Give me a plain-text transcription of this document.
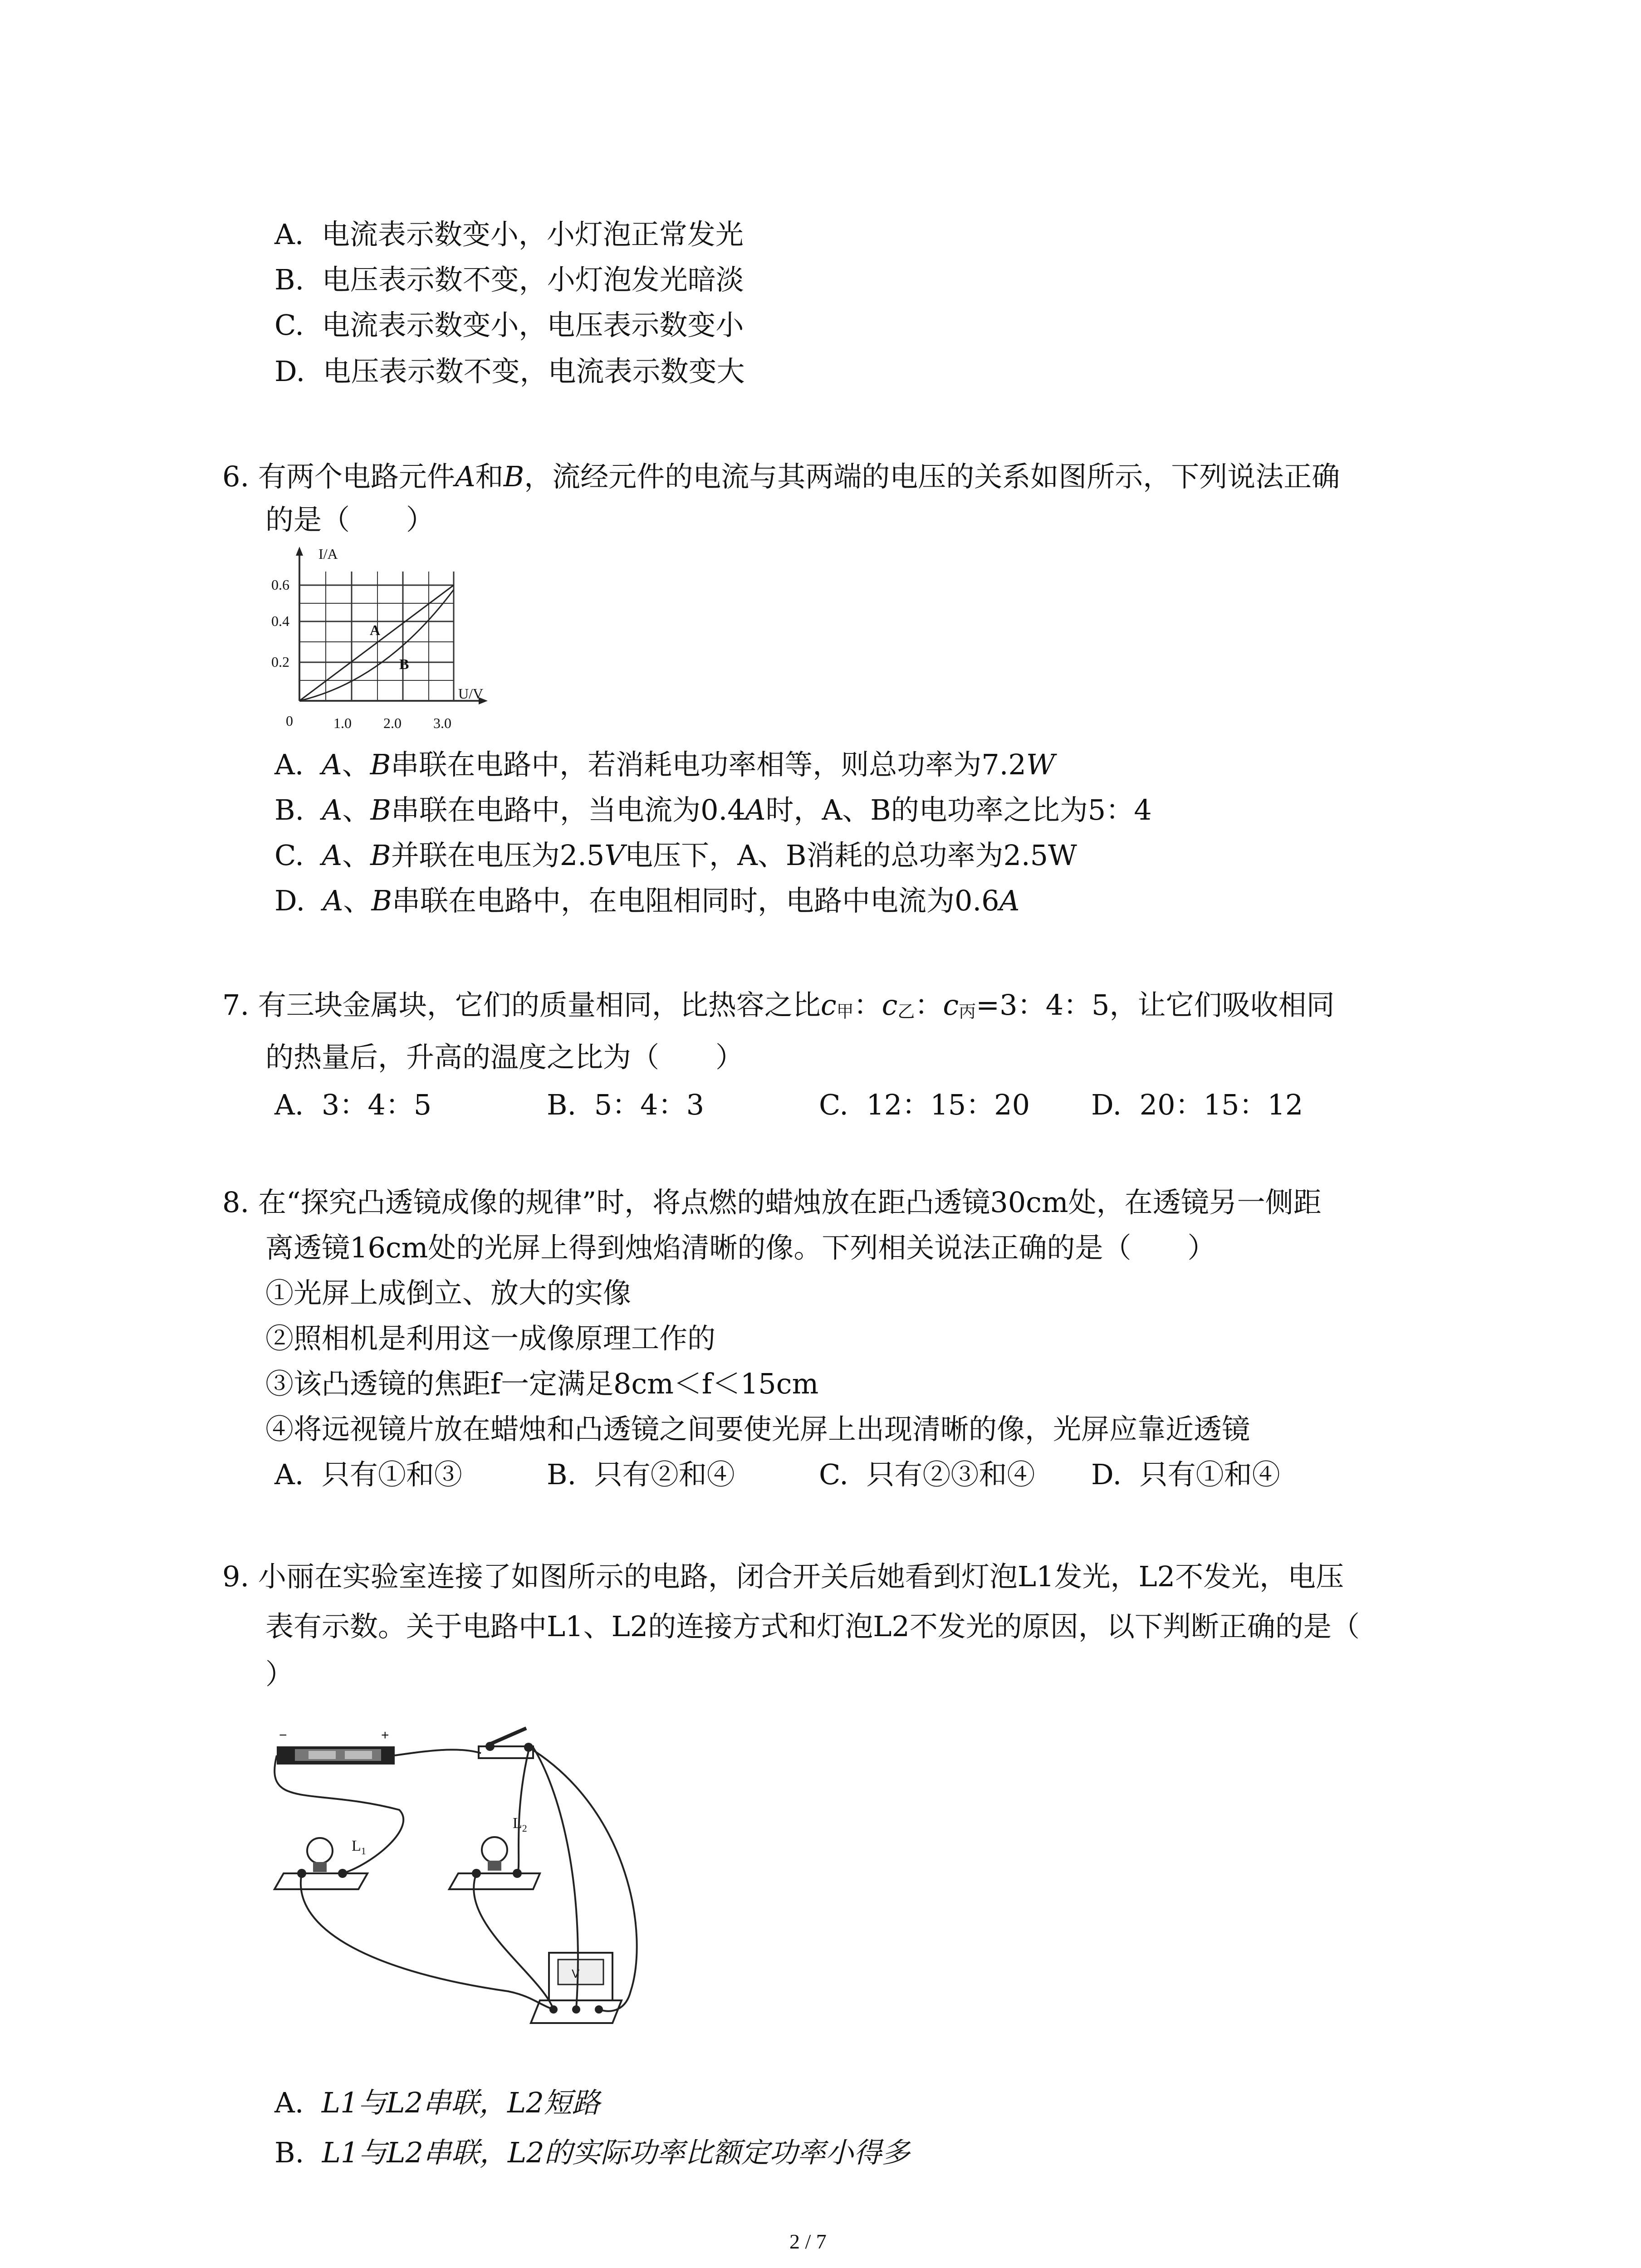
A. 电流表示数变小，小灯泡正常发光
B. 电压表示数不变，小灯泡发光暗淡
C. 电流表示数变小，电压表示数变小
D. 电压表示数不变，电流表示数变大
6. 有两个电路元件A和B，流经元件的电流与其两端的电压的关系如图所示，下列说法正确
的是（　　）
I/A
U/V
0
0.2
0.4
0.6
1.0 2.0 3.0
A
B
A. A、B串联在电路中，若消耗电功率相等，则总功率为7.2W
B. A、B串联在电路中，当电流为0.4A时，A、B的电功率之比为5：4
C. A、B并联在电压为2.5V电压下，A、B消耗的总功率为2.5W
D. A、B串联在电路中，在电阻相同时，电路中电流为0.6A
7. 有三块金属块，它们的质量相同，比热容之比c甲：c乙：c丙=3：4：5，让它们吸收相同
的热量后，升高的温度之比为（　　）
A. 3：4：5	B. 5：4：3	C. 12：15：20 D. 20：15：12
8. 在“探究凸透镜成像的规律”时，将点燃的蜡烛放在距凸透镜30cm处，在透镜另一侧距
离透镜16cm处的光屏上得到烛焰清晰的像。下列相关说法正确的是（　　）
①光屏上成倒立、放大的实像
②照相机是利用这一成像原理工作的
③该凸透镜的焦距f一定满足8cm＜f＜15cm
④将远视镜片放在蜡烛和凸透镜之间要使光屏上出现清晰的像，光屏应靠近透镜
A. 只有①和③	B. 只有②和④	C. 只有②③和④ D. 只有①和④
9. 小丽在实验室连接了如图所示的电路，闭合开关后她看到灯泡L1发光，L2不发光，电压
表有示数。关于电路中L1、L2的连接方式和灯泡L2不发光的原因，以下判断正确的是（
）
−	+
$L_1$
$L_2$
V
A. L1与L2串联，L2短路
B. L1与L2串联，L2的实际功率比额定功率小得多
2 / 7
